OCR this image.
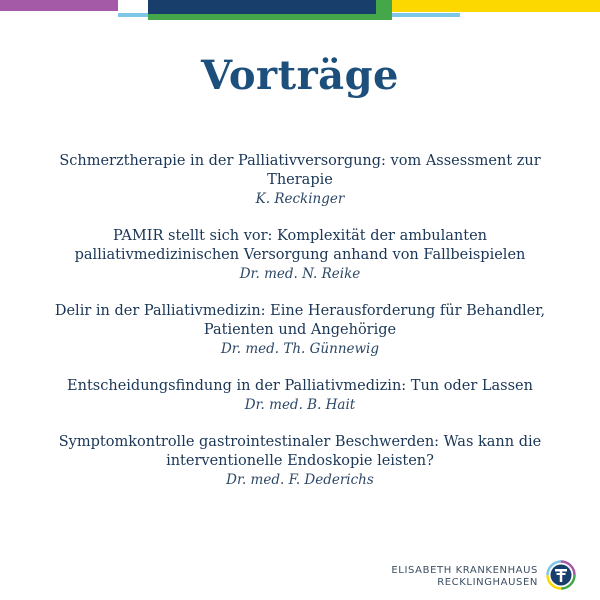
Vorträge
Schmerztherapie in der Palliativversorgung: vom Assessment zur Therapie
K. Reckinger
PAMIR stellt sich vor: Komplexität der ambulanten palliativmedizinischen Versorgung anhand von Fallbeispielen
Dr. med. N. Reike
Delir in der Palliativmedizin: Eine Herausforderung für Behandler, Patienten und Angehörige
Dr. med. Th. Günnewig
Entscheidungsfindung in der Palliativmedizin: Tun oder Lassen
Dr. med. B. Hait
Symptomkontrolle gastrointestinaler Beschwerden: Was kann die interventionelle Endoskopie leisten?
Dr. med. F. Dederichs
ELISABETH KRANKENHAUS
RECKLINGHAUSEN
